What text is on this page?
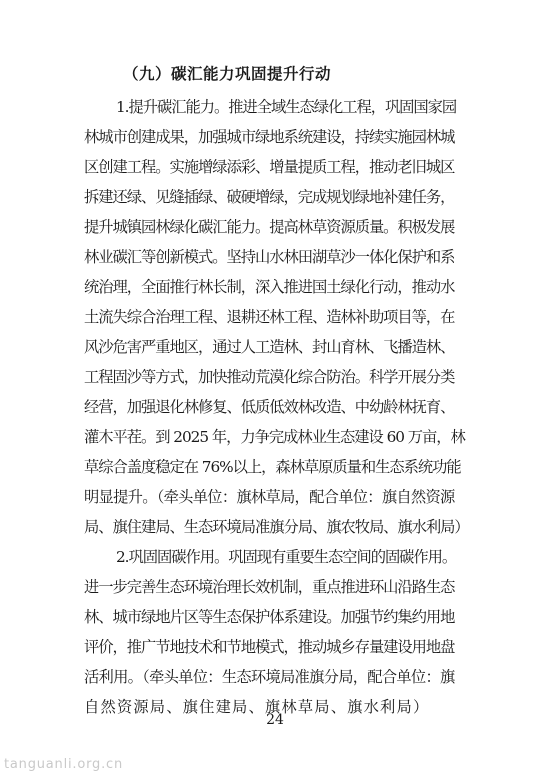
（九）碳汇能力巩固提升行动
1.提升碳汇能力。推进全域生态绿化工程，巩固国家园
林城市创建成果，加强城市绿地系统建设，持续实施园林城
区创建工程。实施增绿添彩、增量提质工程，推动老旧城区
拆建还绿、见缝插绿、破硬增绿，完成规划绿地补建任务，
提升城镇园林绿化碳汇能力。提高林草资源质量。积极发展
林业碳汇等创新模式。坚持山水林田湖草沙一体化保护和系
统治理，全面推行林长制，深入推进国土绿化行动，推动水
土流失综合治理工程、退耕还林工程、造林补助项目等，在
风沙危害严重地区，通过人工造林、封山育林、飞播造林、
工程固沙等方式，加快推动荒漠化综合防治。科学开展分类
经营，加强退化林修复、低质低效林改造、中幼龄林抚育、
灌木平茬。到 2025 年，力争完成林业生态建设 60 万亩，林
草综合盖度稳定在 76%以上，森林草原质量和生态系统功能
明显提升。（牵头单位：旗林草局，配合单位：旗自然资源
局、旗住建局、生态环境局准旗分局、旗农牧局、旗水利局）
2.巩固固碳作用。巩固现有重要生态空间的固碳作用。
进一步完善生态环境治理长效机制，重点推进环山沿路生态
林、城市绿地片区等生态保护体系建设。加强节约集约用地
评价，推广节地技术和节地模式，推动城乡存量建设用地盘
活利用。（牵头单位：生态环境局准旗分局，配合单位：旗
自然资源局、旗住建局、旗林草局、旗水利局）
24
tanguanli.org.cn
